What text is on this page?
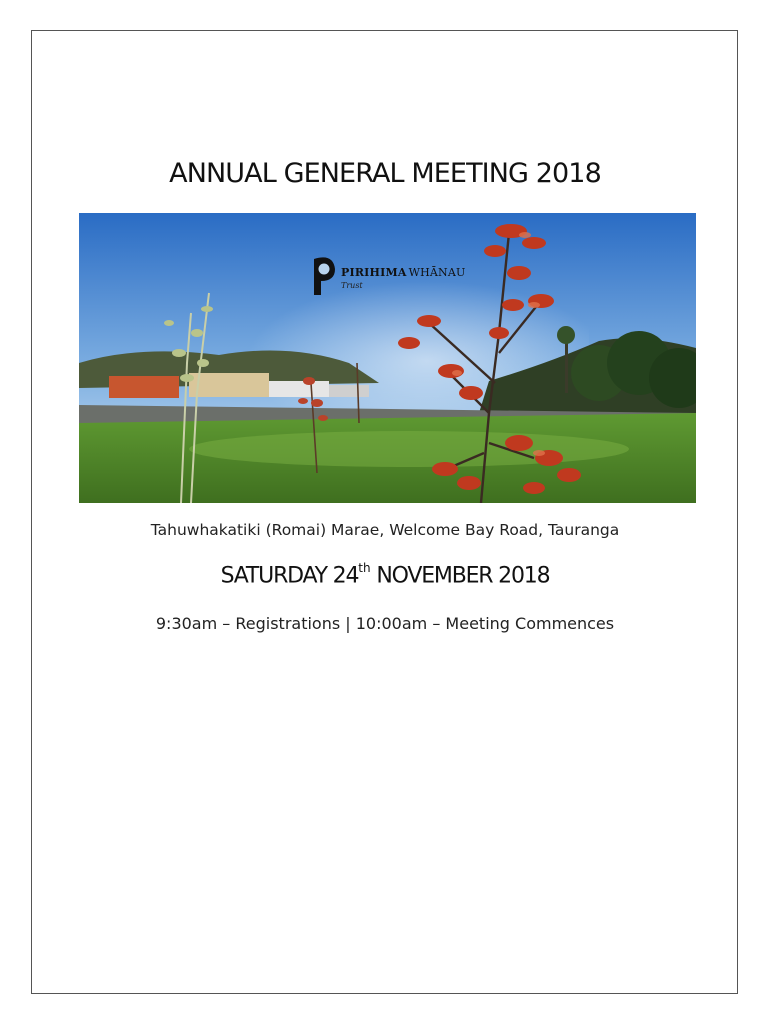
ANNUAL GENERAL MEETING 2018
PIRIHIMA WHĀNAU
Trust
Tahuwhakatiki (Romai) Marae, Welcome Bay Road, Tauranga
SATURDAY 24th NOVEMBER 2018
9:30am – Registrations | 10:00am – Meeting Commences
